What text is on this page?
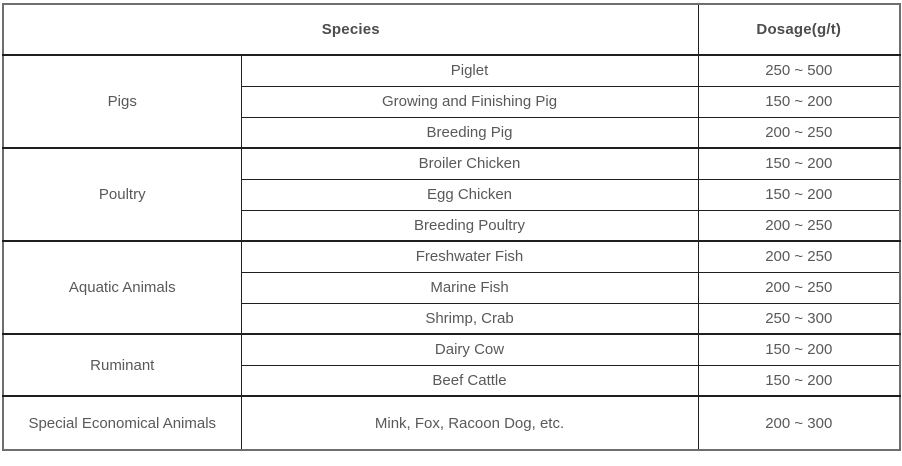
Species		Dosage(g/t)
Pigs	Piglet	250 ~ 500
	Growing and Finishing Pig	150 ~ 200
	Breeding Pig	200 ~ 250
Poultry	Broiler Chicken	150 ~ 200
	Egg Chicken	150 ~ 200
	Breeding Poultry	200 ~ 250
Aquatic Animals	Freshwater Fish	200 ~ 250
	Marine Fish	200 ~ 250
	Shrimp, Crab	250 ~ 300
Ruminant	Dairy Cow	150 ~ 200
	Beef Cattle	150 ~ 200
Special Economical Animals	Mink, Fox, Racoon Dog, etc.	200 ~ 300
